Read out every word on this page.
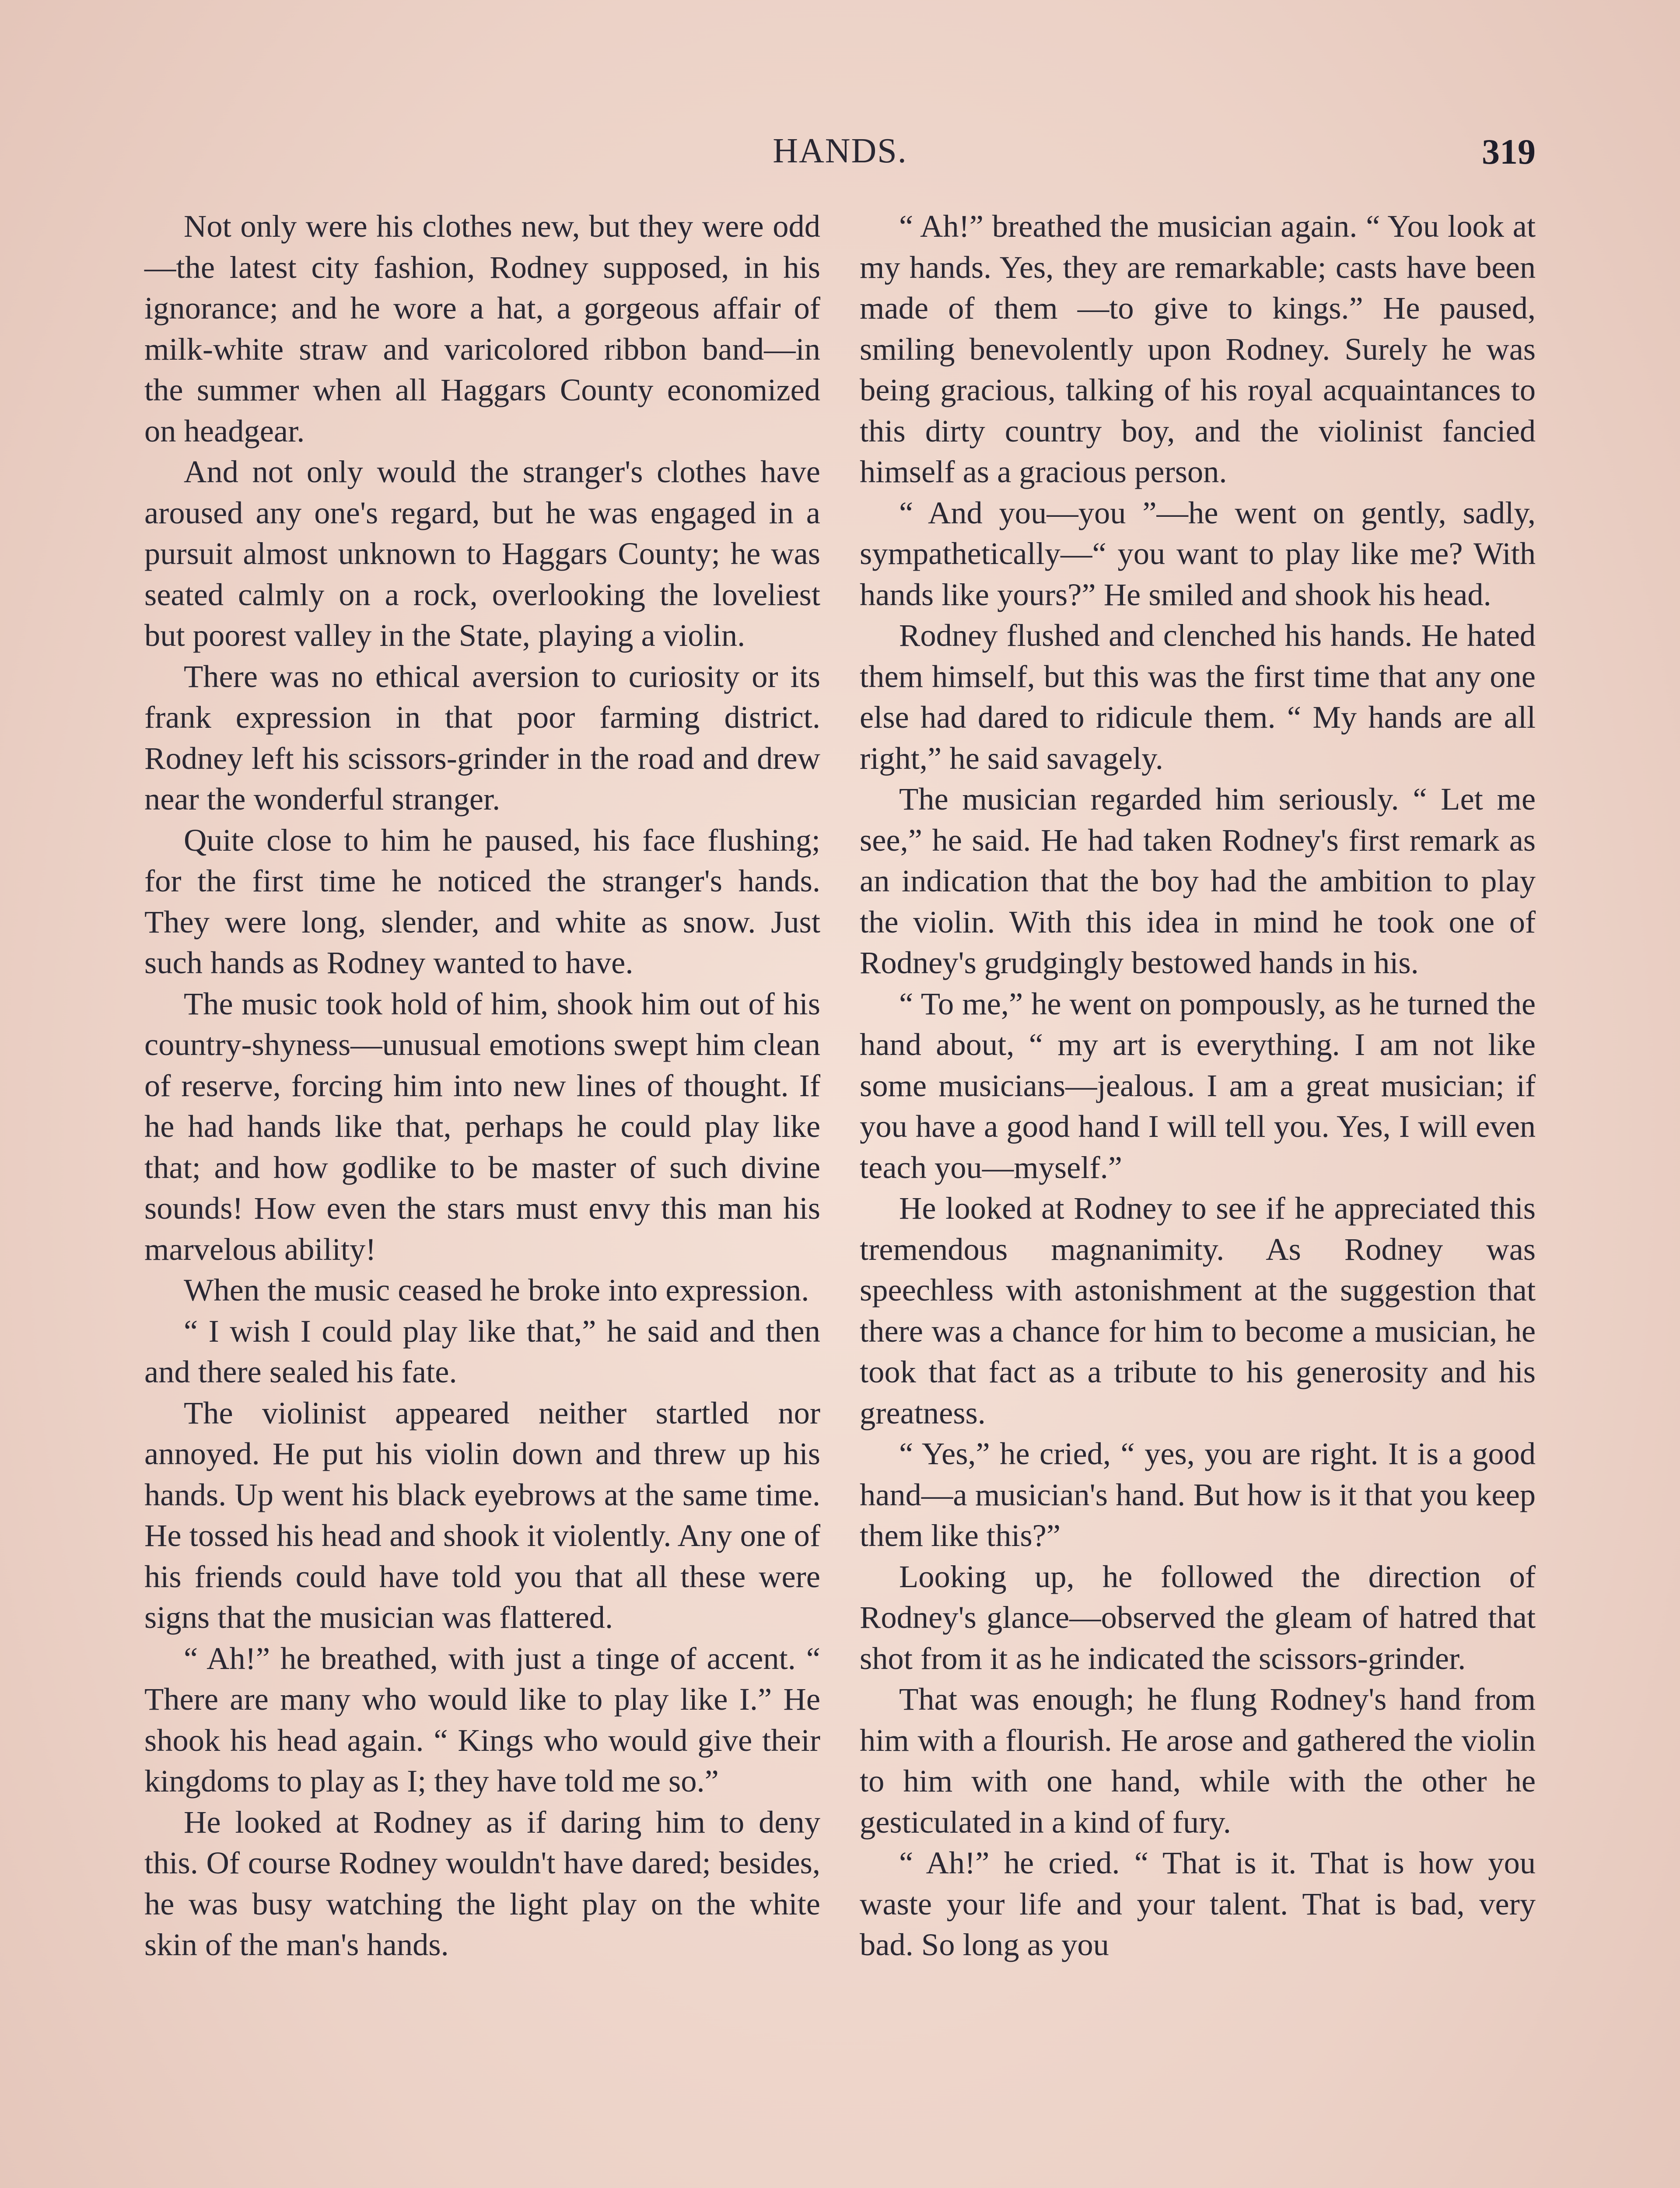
HANDS.	319

Not only were his clothes new, but they were odd—the latest city fashion, Rodney supposed, in his ignorance; and he wore a hat, a gorgeous affair of milk-white straw and varicolored ribbon band—in the summer when all Haggars County economized on headgear.

And not only would the stranger's clothes have aroused any one's regard, but he was engaged in a pursuit almost unknown to Haggars County; he was seated calmly on a rock, overlooking the loveliest but poorest valley in the State, playing a violin.

There was no ethical aversion to curiosity or its frank expression in that poor farming district. Rodney left his scissors-grinder in the road and drew near the wonderful stranger.

Quite close to him he paused, his face flushing; for the first time he noticed the stranger's hands. They were long, slender, and white as snow. Just such hands as Rodney wanted to have.

The music took hold of him, shook him out of his country-shyness—unusual emotions swept him clean of reserve, forcing him into new lines of thought. If he had hands like that, perhaps he could play like that; and how godlike to be master of such divine sounds! How even the stars must envy this man his marvelous ability!

When the music ceased he broke into expression.

“ I wish I could play like that,” he said and then and there sealed his fate.

The violinist appeared neither startled nor annoyed. He put his violin down and threw up his hands. Up went his black eyebrows at the same time. He tossed his head and shook it violently. Any one of his friends could have told you that all these were signs that the musician was flattered.

“ Ah!” he breathed, with just a tinge of accent. “ There are many who would like to play like I.” He shook his head again. “ Kings who would give their kingdoms to play as I; they have told me so.”

He looked at Rodney as if daring him to deny this. Of course Rodney wouldn't have dared; besides, he was busy watching the light play on the white skin of the man's hands.

“ Ah!” breathed the musician again. “ You look at my hands. Yes, they are remarkable; casts have been made of them —to give to kings.” He paused, smiling benevolently upon Rodney. Surely he was being gracious, talking of his royal acquaintances to this dirty country boy, and the violinist fancied himself as a gracious person.

“ And you—you ”—he went on gently, sadly, sympathetically—“ you want to play like me? With hands like yours?” He smiled and shook his head.

Rodney flushed and clenched his hands. He hated them himself, but this was the first time that any one else had dared to ridicule them. “ My hands are all right,” he said savagely.

The musician regarded him seriously. “ Let me see,” he said. He had taken Rodney's first remark as an indication that the boy had the ambition to play the violin. With this idea in mind he took one of Rodney's grudgingly bestowed hands in his.

“ To me,” he went on pompously, as he turned the hand about, “ my art is everything. I am not like some musicians—jealous. I am a great musician; if you have a good hand I will tell you. Yes, I will even teach you—myself.”

He looked at Rodney to see if he appreciated this tremendous magnanimity. As Rodney was speechless with astonishment at the suggestion that there was a chance for him to become a musician, he took that fact as a tribute to his generosity and his greatness.

“ Yes,” he cried, “ yes, you are right. It is a good hand—a musician's hand. But how is it that you keep them like this?”

Looking up, he followed the direction of Rodney's glance—observed the gleam of hatred that shot from it as he indicated the scissors-grinder.

That was enough; he flung Rodney's hand from him with a flourish. He arose and gathered the violin to him with one hand, while with the other he gesticulated in a kind of fury.

“ Ah!” he cried. “ That is it. That is how you waste your life and your talent. That is bad, very bad. So long as you
